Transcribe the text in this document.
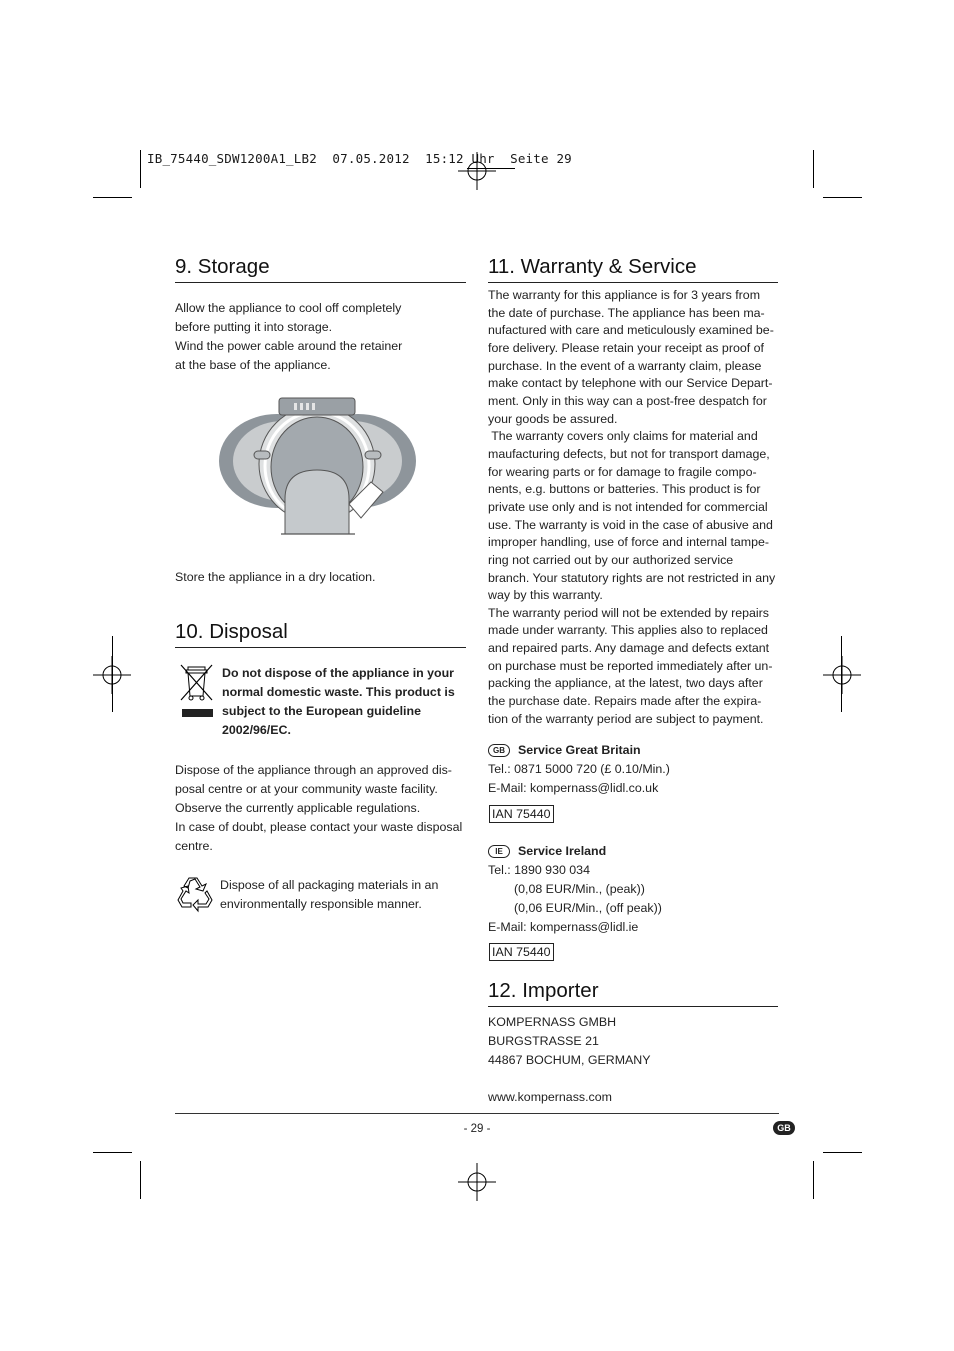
IB_75440_SDW1200A1_LB2  07.05.2012  15:12 Uhr  Seite 29
9. Storage
Allow the appliance to cool off completely
before putting it into storage.
Wind the power cable around the retainer
at the base of the appliance.
Store the appliance in a dry location.
10. Disposal
Do not dispose of the appliance in your
normal domestic waste. This product is
subject to the European guideline
2002/96/EC.
Dispose of the appliance through an approved dis-
posal centre or at your community waste facility.
Observe the currently applicable regulations.
In case of doubt, please contact your waste disposal
centre.
Dispose of all packaging materials in an
environmentally responsible manner.
11. Warranty & Service
The warranty for this appliance is for 3 years from
the date of purchase. The appliance has been ma-
nufactured with care and meticulously examined be-
fore delivery. Please retain your receipt as proof of
purchase. In the event of a warranty claim, please
make contact by telephone with our Service Depart-
ment. Only in this way can a post-free despatch for
your goods be assured.
The warranty covers only claims for material and
maufacturing defects, but not for transport damage,
for wearing parts or for damage to fragile compo-
nents, e.g. buttons or batteries. This product is for
private use only and is not intended for commercial
use. The warranty is void in the case of abusive and
improper handling, use of force and internal tampe-
ring not carried out by our authorized service
branch. Your statutory rights are not restricted in any
way by this warranty.
The warranty period will not be extended by repairs
made under warranty. This applies also to replaced
and repaired parts. Any damage and defects extant
on purchase must be reported immediately after un-
packing the appliance, at the latest, two days after
the purchase date. Repairs made after the expira-
tion of the warranty period are subject to payment.
GB Service Great Britain
Tel.: 0871 5000 720 (£ 0.10/Min.)
E-Mail: kompernass@lidl.co.uk
IAN 75440
IE Service Ireland
Tel.: 1890 930 034
(0,08 EUR/Min., (peak))
(0,06 EUR/Min., (off peak))
E-Mail: kompernass@lidl.ie
IAN 75440
12. Importer
KOMPERNASS GMBH
BURGSTRASSE 21
44867 BOCHUM, GERMANY
www.kompernass.com
- 29 -	GB
